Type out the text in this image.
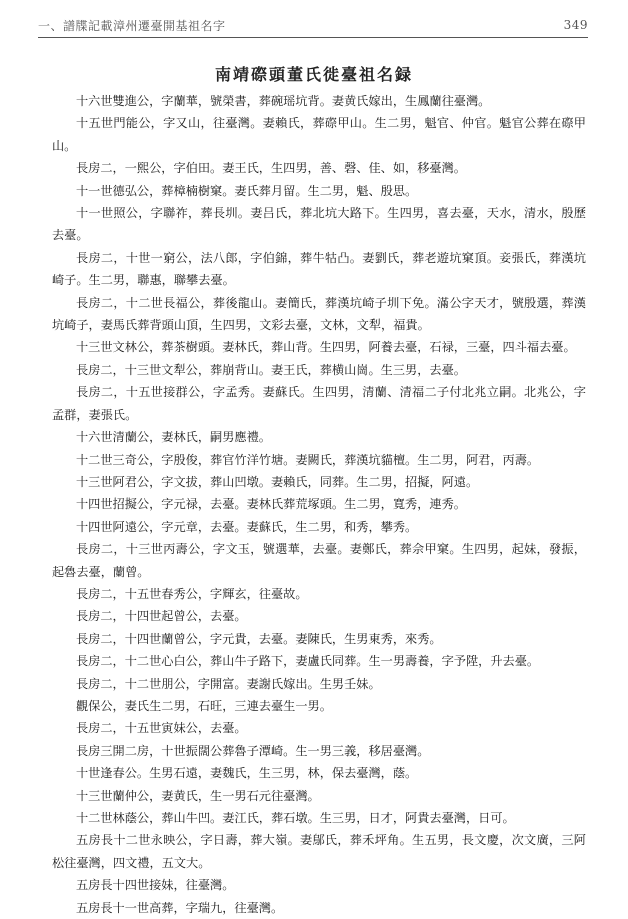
一、譜牒記載漳州遷臺開基祖名字	349
南靖磜頭董氏徙臺祖名録

十六世雙進公，字蘭華，號榮書，葬碗瑶坑背。妻黄氏嫁出，生鳳蘭往臺灣。

十五世門能公，字又山，往臺灣。妻賴氏，葬磜甲山。生二男，魁官、仲官。魁官公葬在磜甲山。

長房二，一熙公，字伯田。妻王氏，生四男，善、磬、佳、如，移臺灣。

十一世德弘公，葬樟楠樹窠。妻氏葬月留。生二男，魁、殷思。

十一世照公，字聯祚，葬長圳。妻吕氏，葬北坑大路下。生四男，喜去臺，天水，清水，殷歷去臺。

長房二，十世一窮公，法八郎，字伯錦，葬牛牯凸。妻劉氏，葬老遊坑窠頂。妾張氏，葬漢坑崎子。生二男，聯惠，聯攀去臺。

長房二，十二世長福公，葬後龍山。妻簡氏，葬漢坑崎子圳下免。滿公字天才，號殷選，葬漢坑崎子，妻馬氏葬背頭山頂，生四男，文彩去臺，文林，文犁，福貴。

十三世文林公，葬茶樹頭。妻林氏，葬山背。生四男，阿養去臺，石禄，三臺，四斗福去臺。

長房二，十三世文犁公，葬崩背山。妻王氏，葬横山崗。生三男，去臺。

長房二，十五世接群公，字孟秀。妻蘇氏。生四男，清蘭、清福二子付北兆立嗣。北兆公，字孟群，妻張氏。

十六世清蘭公，妻林氏，嗣男應禮。

十二世三奇公，字殷俊，葬官竹洋竹塘。妻闕氏，葬漢坑貓檀。生二男，阿君，丙壽。

十三世阿君公，字文拔，葬山凹墩。妻賴氏，同葬。生二男，招擬，阿遠。

十四世招擬公，字元禄，去臺。妻林氏葬荒塚頭。生二男，寬秀，連秀。

十四世阿遠公，字元章，去臺。妻蘇氏，生二男，和秀，攀秀。

長房二，十三世丙壽公，字文玉，號選華，去臺。妻鄭氏，葬佘甲窠。生四男，起妹，發振，起魯去臺，蘭曾。

長房二，十五世春秀公，字輝玄，往臺故。

長房二，十四世起曾公，去臺。

長房二，十四世蘭曾公，字元貴，去臺。妻陳氏，生男東秀，來秀。

長房二，十二世心白公，葬山牛子路下，妻盧氏同葬。生一男壽養，字予陞，升去臺。

長房二，十二世朋公，字開富。妻謝氏嫁出。生男壬妹。

觀保公，妻氏生二男，石旺，三連去臺生一男。

長房二，十五世寅妹公，去臺。

長房三開二房，十世振闊公葬魯子潭崎。生一男三義，移居臺灣。

十世逢春公。生男石遠，妻魏氏，生三男，林，保去臺灣，蔭。

十三世蘭仲公，妻黄氏，生一男石元往臺灣。

十二世林蔭公，葬山牛凹。妻江氏，葬石墩。生三男，日才，阿貴去臺灣，日可。

五房長十二世永映公，字日壽，葬大嶺。妻鄔氏，葬禾坪角。生五男，長文慶，次文廣，三阿松往臺灣，四文禮，五文大。

五房長十四世接妹，往臺灣。

五房長十一世高葬，字瑞九，往臺灣。
